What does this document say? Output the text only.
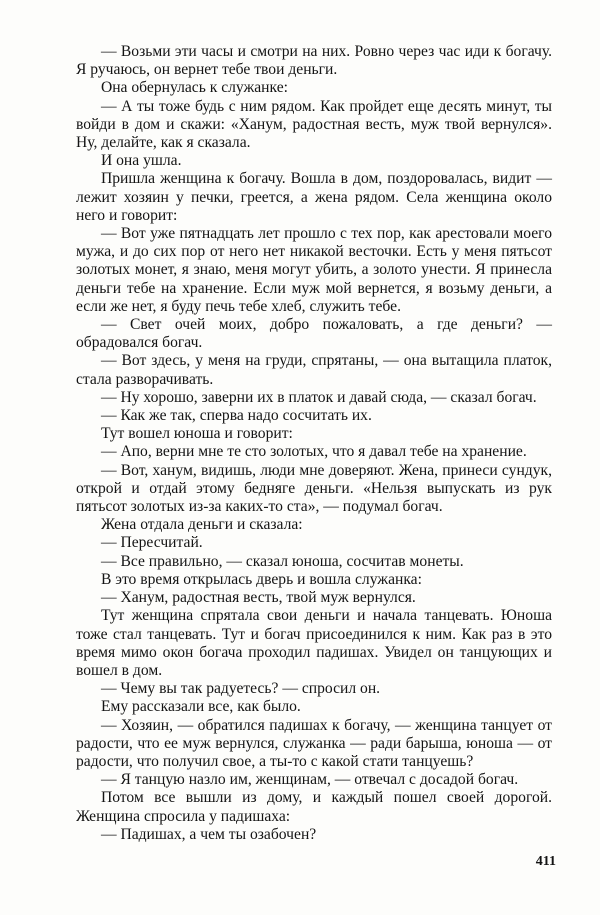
— Возьми эти часы и смотри на них. Ровно через час иди к богачу. Я ручаюсь, он вернет тебе твои деньги.

Она обернулась к служанке:

— А ты тоже будь с ним рядом. Как пройдет еще десять минут, ты войди в дом и скажи: «Ханум, радостная весть, муж твой вернулся». Ну, делайте, как я сказала.

И она ушла.

Пришла женщина к богачу. Вошла в дом, поздоровалась, видит — лежит хозяин у печки, греется, а жена рядом. Села женщина около него и говорит:

— Вот уже пятнадцать лет прошло с тех пор, как арестовали моего мужа, и до сих пор от него нет никакой весточки. Есть у меня пятьсот золотых монет, я знаю, меня могут убить, а золото унести. Я принесла деньги тебе на хранение. Если муж мой вернется, я возьму деньги, а если же нет, я буду печь тебе хлеб, служить тебе.

— Свет очей моих, добро пожаловать, а где деньги? — обрадовался богач.

— Вот здесь, у меня на груди, спрятаны, — она вытащила платок, стала разворачивать.

— Ну хорошо, заверни их в платок и давай сюда, — сказал богач.

— Как же так, сперва надо сосчитать их.

Тут вошел юноша и говорит:

— Апо, верни мне те сто золотых, что я давал тебе на хранение.

— Вот, ханум, видишь, люди мне доверяют. Жена, принеси сундук, открой и отдай этому бедняге деньги. «Нельзя выпускать из рук пятьсот золотых из-за каких-то ста», — подумал богач.

Жена отдала деньги и сказала:

— Пересчитай.

— Все правильно, — сказал юноша, сосчитав монеты.

В это время открылась дверь и вошла служанка:

— Ханум, радостная весть, твой муж вернулся.

Тут женщина спрятала свои деньги и начала танцевать. Юноша тоже стал танцевать. Тут и богач присоединился к ним. Как раз в это время мимо окон богача проходил падишах. Увидел он танцующих и вошел в дом.

— Чему вы так радуетесь? — спросил он.

Ему рассказали все, как было.

— Хозяин, — обратился падишах к богачу, — женщина танцует от радости, что ее муж вернулся, служанка — ради барыша, юноша — от радости, что получил свое, а ты-то с какой стати танцуешь?

— Я танцую назло им, женщинам, — отвечал с досадой богач.

Потом все вышли из дому, и каждый пошел своей дорогой. Женщина спросила у падишаха:

— Падишах, а чем ты озабочен?

411
